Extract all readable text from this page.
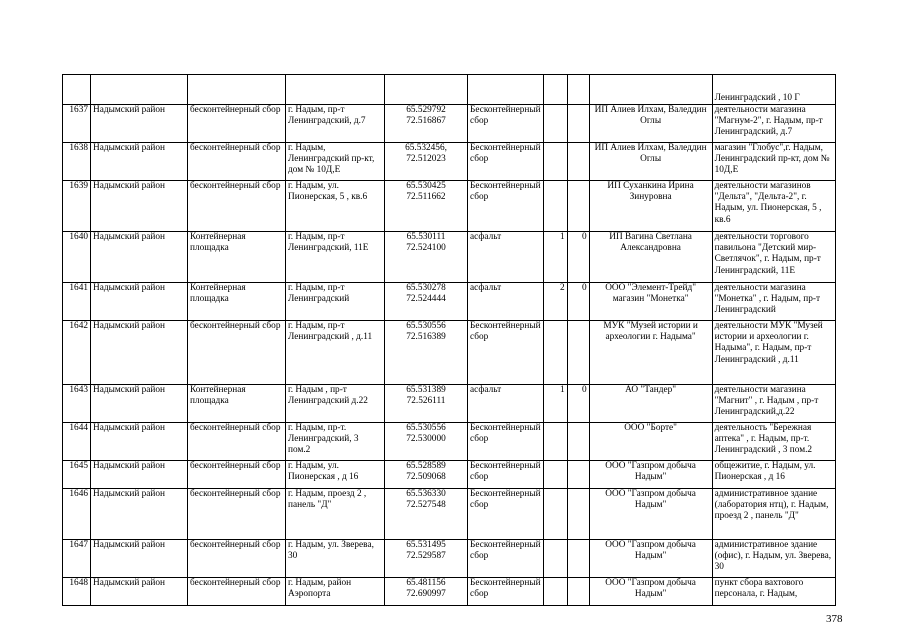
									Ленинградский , 10 Г
1637	Надымский район	бесконтейнерный сбор	г. Надым, пр-т Ленинградский, д.7	65.529792 72.516867	Бесконтейнерный сбор			ИП Алиев Илхам, Валеддин Оглы	деятельности магазина "Магнум-2", г. Надым, пр-т Ленинградский, д.7
1638	Надымский район	бесконтейнерный сбор	г. Надым, Ленинградский пр-кт, дом № 10Д,Е	65.532456, 72.512023	Бесконтейнерный сбор			ИП Алиев Илхам, Валеддин Оглы	магазин "Глобус",г. Надым, Ленинградский пр-кт, дом № 10Д,Е
1639	Надымский район	бесконтейнерный сбор	г. Надым, ул. Пионерская, 5 , кв.6	65.530425 72.511662	Бесконтейнерный сбор			ИП Суханкина Ирина Зинуровна	деятельности магазинов "Дельта", "Дельта-2", г. Надым, ул. Пионерская, 5 , кв.6
1640	Надымский район	Контейнерная площадка	г. Надым, пр-т Ленинградский, 11Е	65.530111 72.524100	асфальт	1	0	ИП Вагина Светлана Александровна	деятельности торгового павильона "Детский мир-Светлячок", г. Надым, пр-т Ленинградский, 11Е
1641	Надымский район	Контейнерная площадка	г. Надым, пр-т Ленинградский	65.530278 72.524444	асфальт	2	0	ООО "Элемент-Трейд" магазин "Монетка"	деятельности магазина "Монетка" , г. Надым, пр-т Ленинградский
1642	Надымский район	бесконтейнерный сбор	г. Надым, пр-т Ленинградский , д.11	65.530556 72.516389	Бесконтейнерный сбор			МУК "Музей истории и археологии г. Надыма"	деятельности МУК "Музей истории и археологии г. Надыма", г. Надым, пр-т Ленинградский , д.11
1643	Надымский район	Контейнерная площадка	г. Надым , пр-т Ленинградский д.22	65.531389 72.526111	асфальт	1	0	АО "Тандер"	деятельности магазина "Магнит" , г. Надым , пр-т Ленинградский,д.22
1644	Надымский район	бесконтейнерный сбор	г. Надым, пр-т. Ленинградский, 3 пом.2	65.530556 72.530000	Бесконтейнерный сбор			ООО "Борте"	деятельность "Бережная аптека" , г. Надым, пр-т. Ленинградский , 3 пом.2
1645	Надымский район	бесконтейнерный сбор	г. Надым, ул. Пионерская , д 16	65.528589 72.509068	Бесконтейнерный сбор			ООО "Газпром добыча Надым"	общежитие, г. Надым, ул. Пионерская , д 16
1646	Надымский район	бесконтейнерный сбор	г. Надым, проезд 2 , панель "Д"	65.536330 72.527548	Бесконтейнерный сбор			ООО "Газпром добыча Надым"	административное здание (лаборатория нтц), г. Надым, проезд 2 , панель "Д"
1647	Надымский район	бесконтейнерный сбор	г. Надым, ул. Зверева, 30	65.531495 72.529587	Бесконтейнерный сбор			ООО "Газпром добыча Надым"	административное здание (офис), г. Надым, ул. Зверева, 30
1648	Надымский район	бесконтейнерный сбор	г. Надым, район Аэропорта	65.481156 72.690997	Бесконтейнерный сбор			ООО "Газпром добыча Надым"	пункт сбора вахтового персонала, г. Надым,
378
